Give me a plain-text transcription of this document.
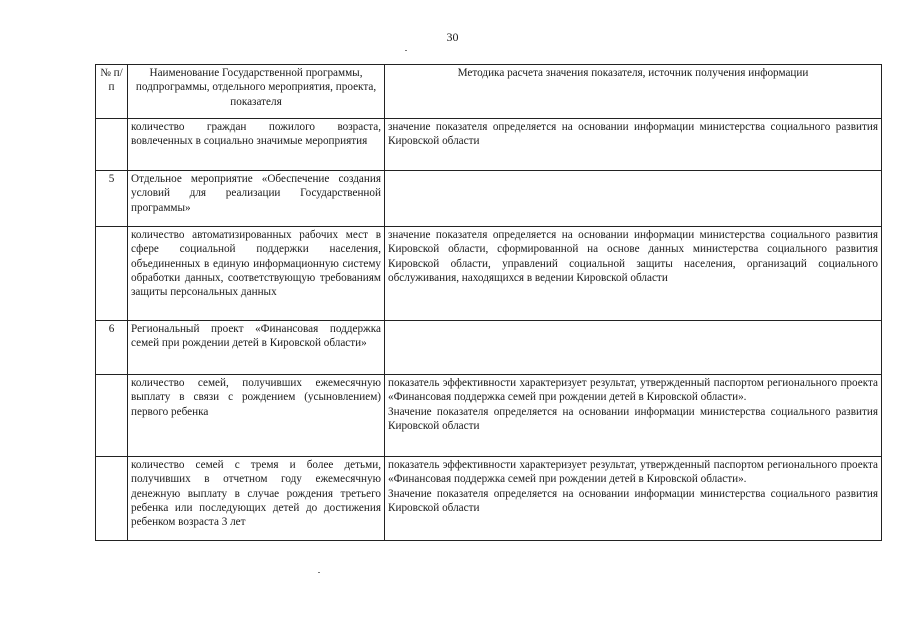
30
№ п/п	Наименование Государственной программы, подпрограммы, отдельного мероприятия, проекта, показателя	Методика расчета значения показателя, источник получения информации
	количество граждан пожилого возраста, вовлеченных в социально значимые мероприятия	значение показателя определяется на основании информации министерства социального развития Кировской области

5	Отдельное мероприятие «Обеспечение создания условий для реализации Государственной программы»	
	количество автоматизированных рабочих мест в сфере социальной поддержки населения, объединенных в единую информационную систему обработки данных, соответствующую требованиям защиты персональных данных	значение показателя определяется на основании информации министерства социального развития Кировской области, сформированной на основе данных министерства социального развития Кировской области, управлений социальной защиты населения, организаций социального обслуживания, находящихся в ведении Кировской области

6	Региональный проект «Финансовая поддержка семей при рождении детей в Кировской области»	
	количество семей, получивших ежемесячную выплату в связи с рождением (усыновлением) первого ребенка	показатель эффективности характеризует результат, утвержденный паспортом регионального проекта «Финансовая поддержка семей при рождении детей в Кировской области».

Значение показателя определяется на основании информации министерства социального развития Кировской области

	количество семей с тремя и более детьми, получивших в отчетном году ежемесячную денежную выплату в случае рождения третьего ребенка или последующих детей до достижения ребенком возраста 3 лет	показатель эффективности характеризует результат, утвержденный паспортом регионального проекта «Финансовая поддержка семей при рождении детей в Кировской области».

Значение показателя определяется на основании информации министерства социального развития Кировской области
